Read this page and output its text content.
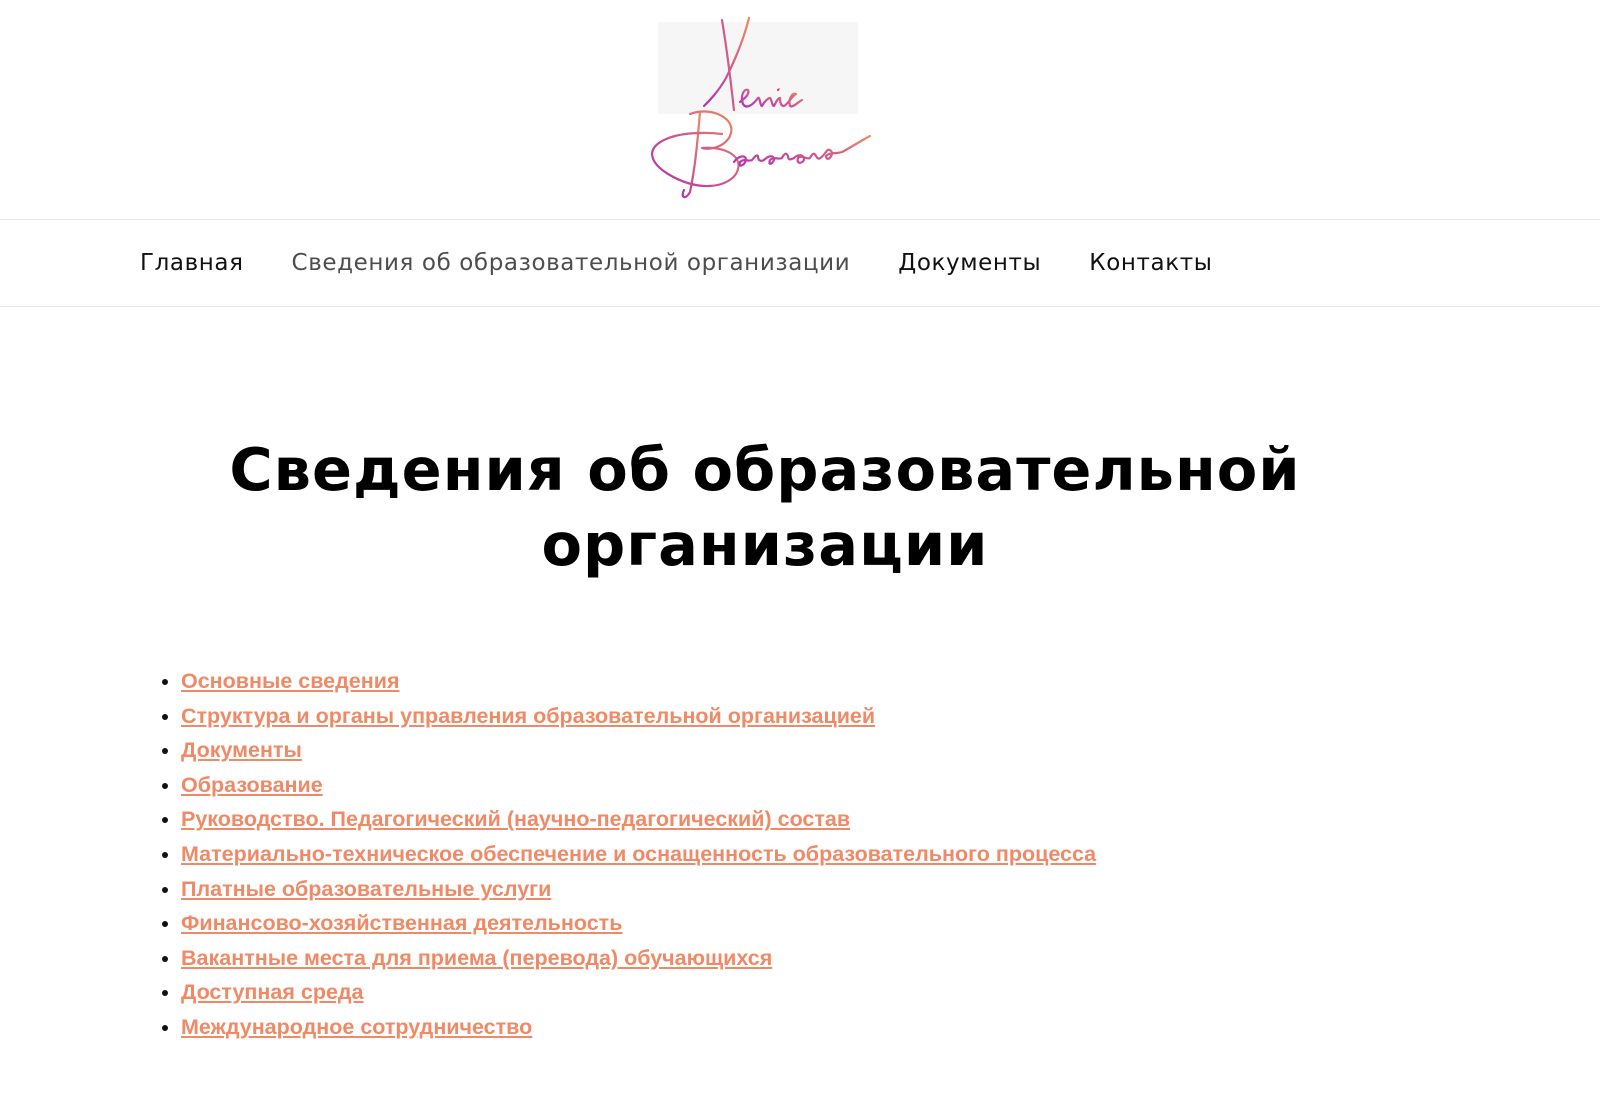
Главная Сведения об образовательной организации Документы Контакты
Сведения об образовательной
организации
• Основные сведения
• Структура и органы управления образовательной организацией
• Документы
• Образование
• Руководство. Педагогический (научно-педагогический) состав
• Материально-техническое обеспечение и оснащенность образовательного процесса
• Платные образовательные услуги
• Финансово-хозяйственная деятельность
• Вакантные места для приема (перевода) обучающихся
• Доступная среда
• Международное сотрудничество
